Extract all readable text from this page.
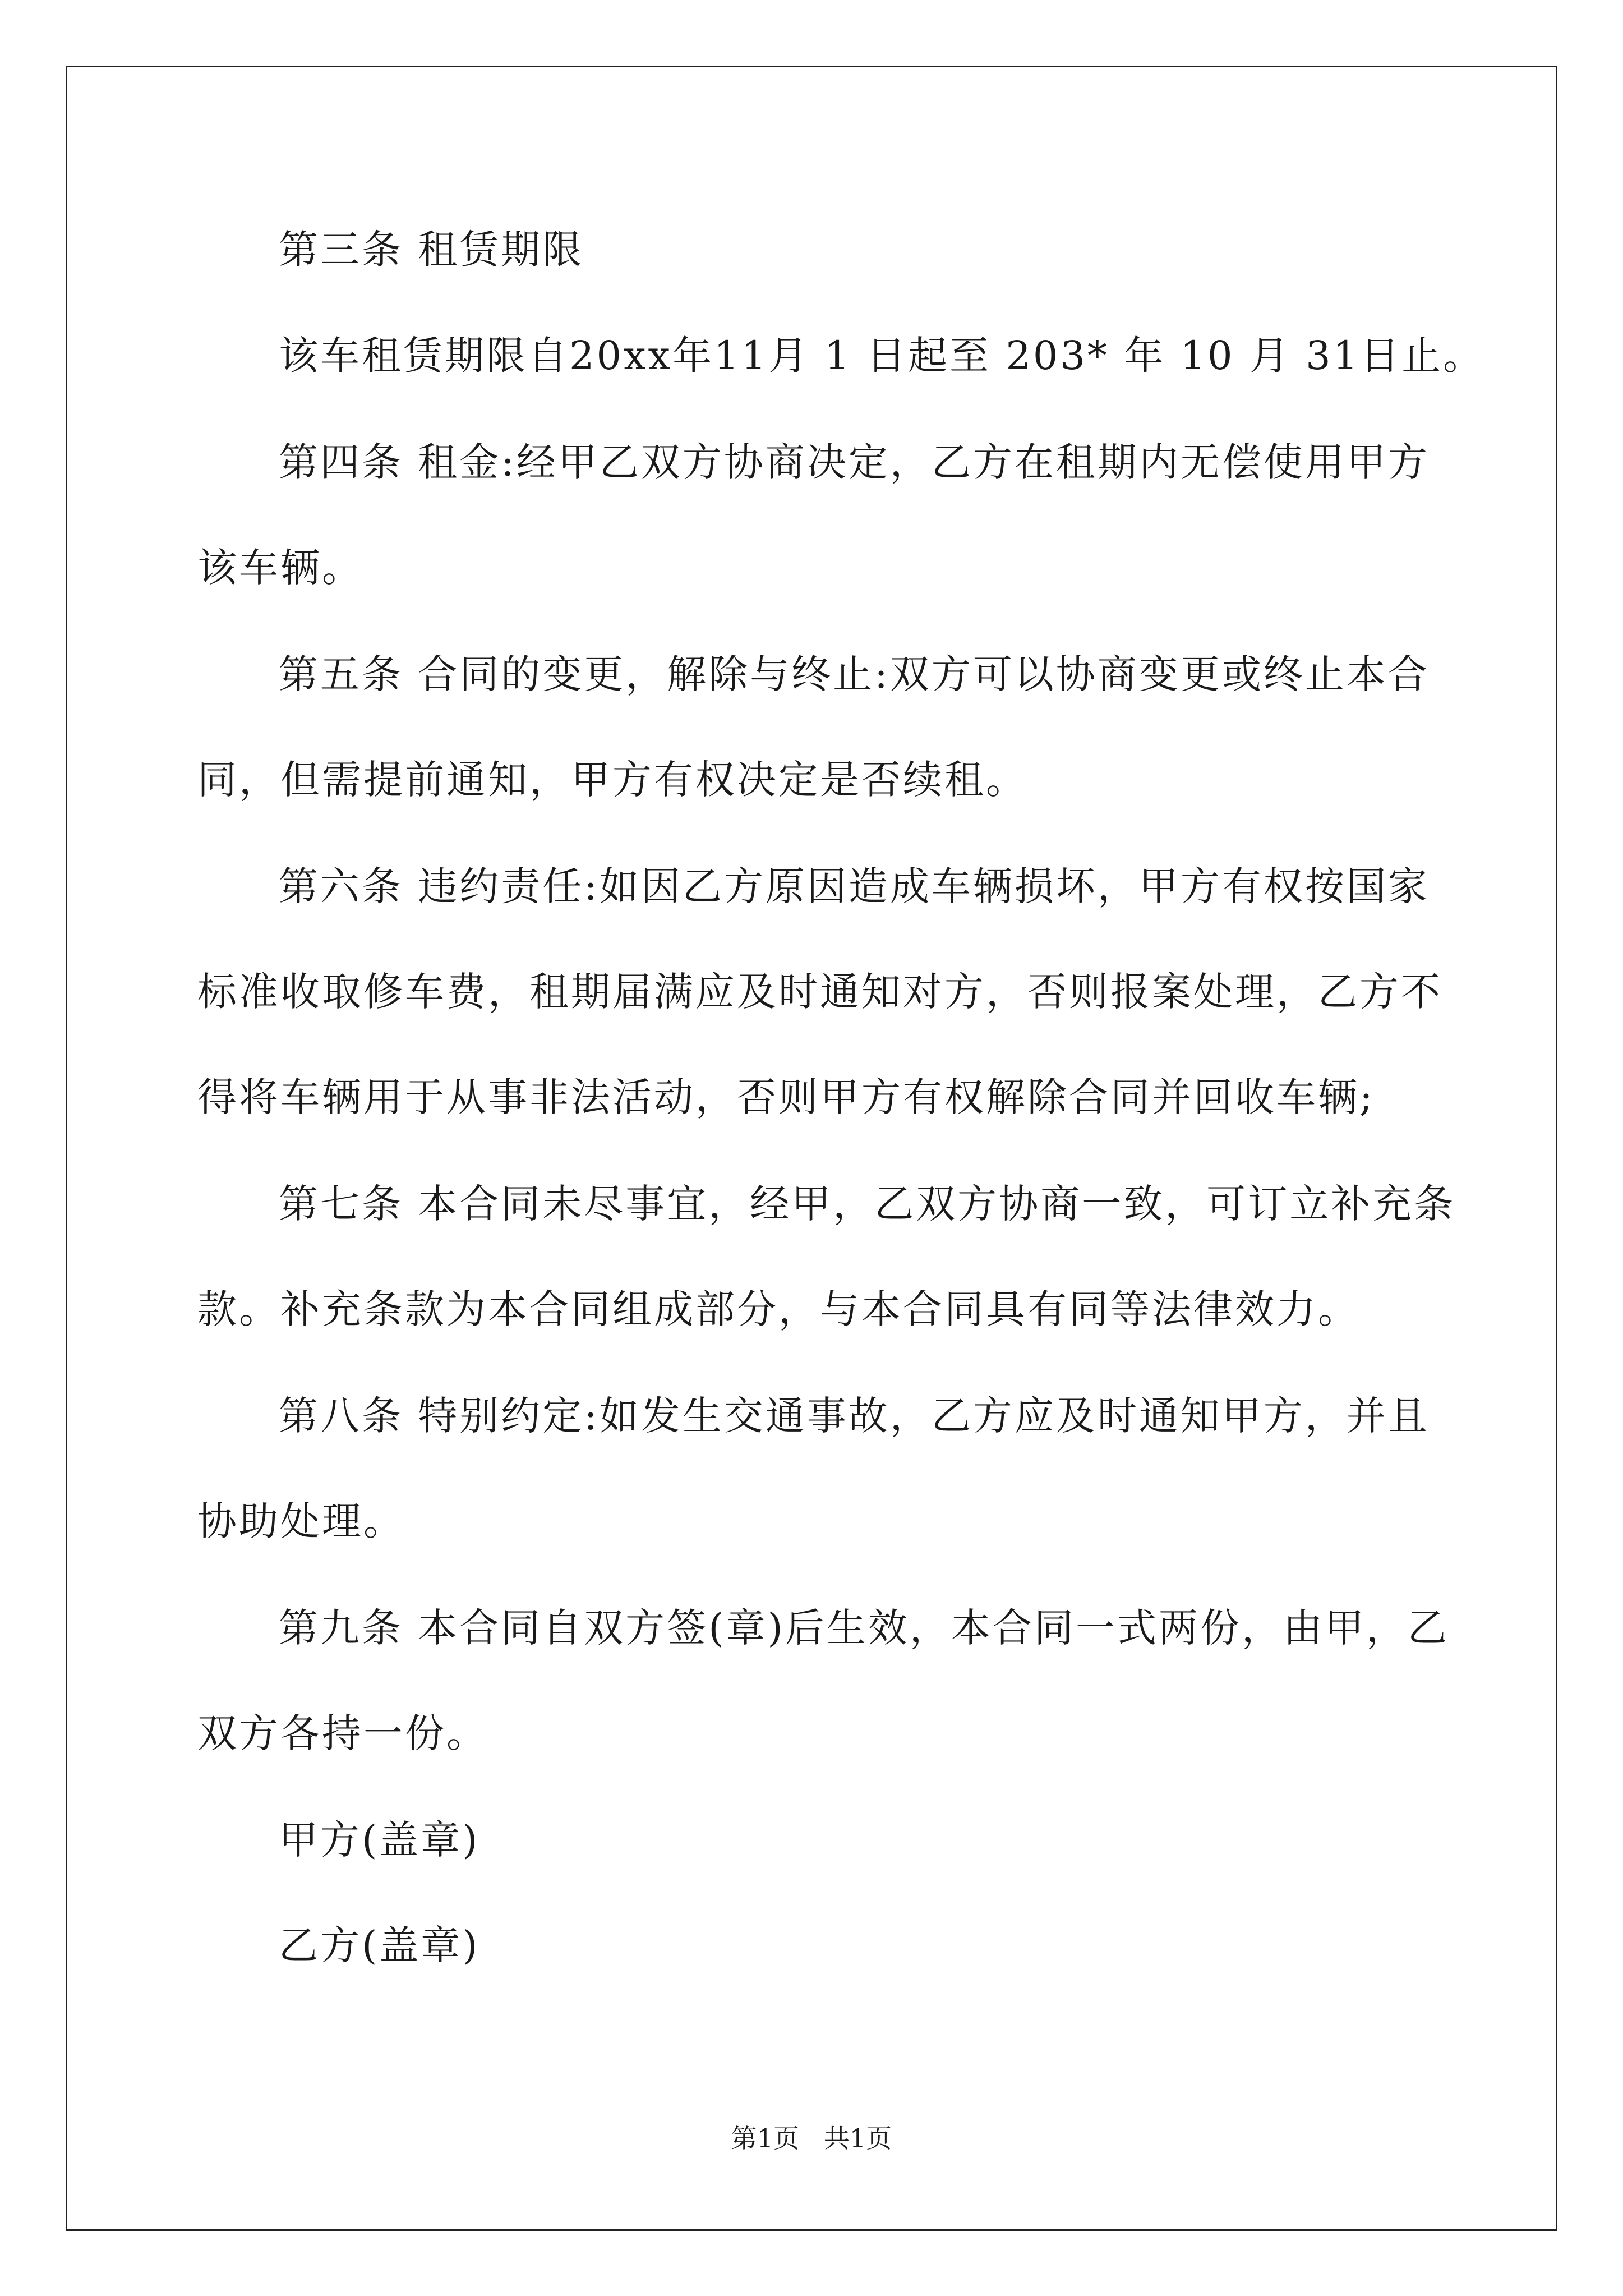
第三条 租赁期限

该车租赁期限自20xx年11月 1 日起至 203* 年 10 月 31日止。

第四条 租金:经甲乙双方协商决定，乙方在租期内无偿使用甲方

该车辆。

第五条 合同的变更，解除与终止:双方可以协商变更或终止本合

同，但需提前通知，甲方有权决定是否续租。

第六条 违约责任:如因乙方原因造成车辆损坏，甲方有权按国家

标准收取修车费，租期届满应及时通知对方，否则报案处理，乙方不

得将车辆用于从事非法活动，否则甲方有权解除合同并回收车辆;

第七条 本合同未尽事宜，经甲，乙双方协商一致，可订立补充条

款。补充条款为本合同组成部分，与本合同具有同等法律效力。

第八条 特别约定:如发生交通事故，乙方应及时通知甲方，并且

协助处理。

第九条 本合同自双方签(章)后生效，本合同一式两份，由甲，乙

双方各持一份。

甲方(盖章)

乙方(盖章)

第1页   共1页
